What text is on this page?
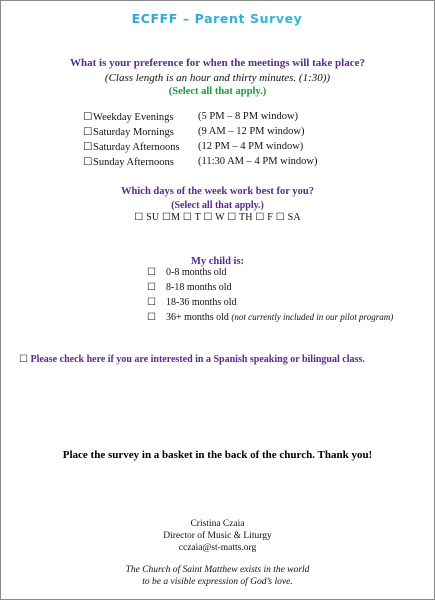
ECFFF – Parent Survey
What is your preference for when the meetings will take place?
(Class length is an hour and thirty minutes. (1:30))
(Select all that apply.)
☐Weekday Evenings (5 PM – 8 PM window)
☐Saturday Mornings (9 AM – 12 PM window)
☐Saturday Afternoons (12 PM – 4 PM window)
☐Sunday Afternoons (11:30 AM – 4 PM window)
Which days of the week work best for you?
(Select all that apply.)
☐ SU ☐M ☐ T ☐ W ☐ TH ☐ F ☐ SA
My child is:
☐ 0-8 months old
☐ 8-18 months old
☐ 18-36 months old
☐ 36+ months old (not currently included in our pilot program)
☐ Please check here if you are interested in a Spanish speaking or bilingual class.
Place the survey in a basket in the back of the church. Thank you!
Cristina Czaia
Director of Music & Liturgy
cczaia@st-matts.org
The Church of Saint Matthew exists in the world
to be a visible expression of God’s love.
